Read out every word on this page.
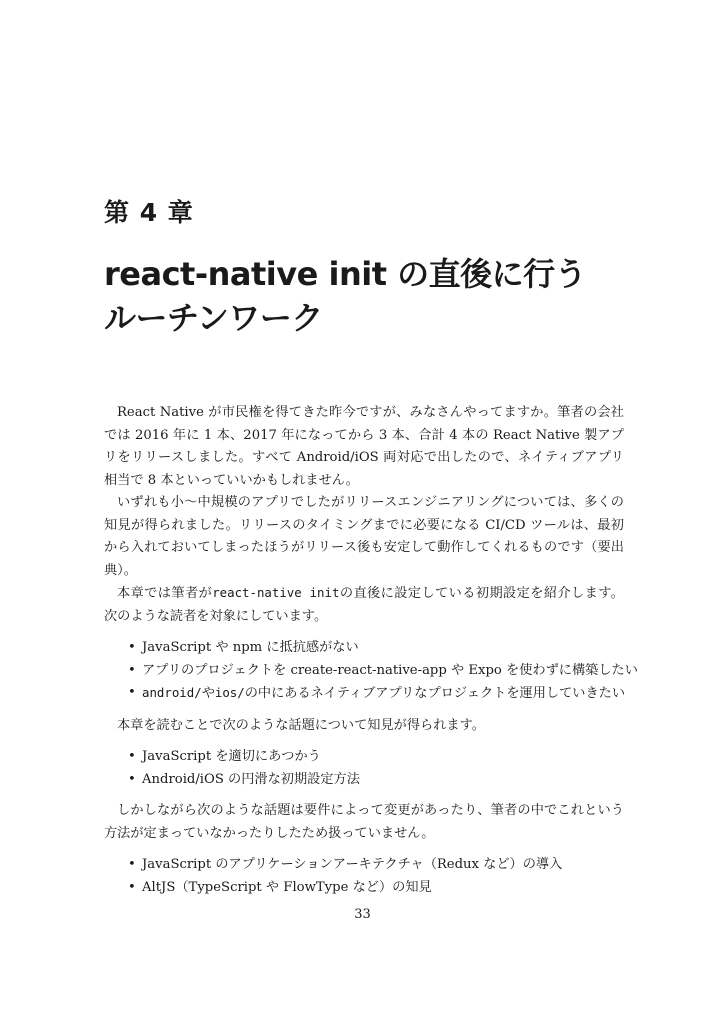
第 4 章
react-native init の直後に行う
ルーチンワーク

React Native が市民権を得てきた昨今ですが、みなさんやってますか。筆者の会社では 2016 年に 1 本、2017 年になってから 3 本、合計 4 本の React Native 製アプリをリリースしました。すべて Android/iOS 両対応で出したので、ネイティブアプリ相当で 8 本といっていいかもしれません。

いずれも小〜中規模のアプリでしたがリリースエンジニアリングについては、多くの知見が得られました。リリースのタイミングまでに必要になる CI/CD ツールは、最初から入れておいてしまったほうがリリース後も安定して動作してくれるものです（要出典）。

本章では筆者がreact-native initの直後に設定している初期設定を紹介します。次のような読者を対象にしています。

• JavaScript や npm に抵抗感がない
• アプリのプロジェクトを create-react-native-app や Expo を使わずに構築したい
• android/やios/の中にあるネイティブアプリなプロジェクトを運用していきたい

本章を読むことで次のような話題について知見が得られます。

• JavaScript を適切にあつかう
• Android/iOS の円滑な初期設定方法

しかしながら次のような話題は要件によって変更があったり、筆者の中でこれという方法が定まっていなかったりしたため扱っていません。

• JavaScript のアプリケーションアーキテクチャ（Redux など）の導入
• AltJS（TypeScript や FlowType など）の知見
33
